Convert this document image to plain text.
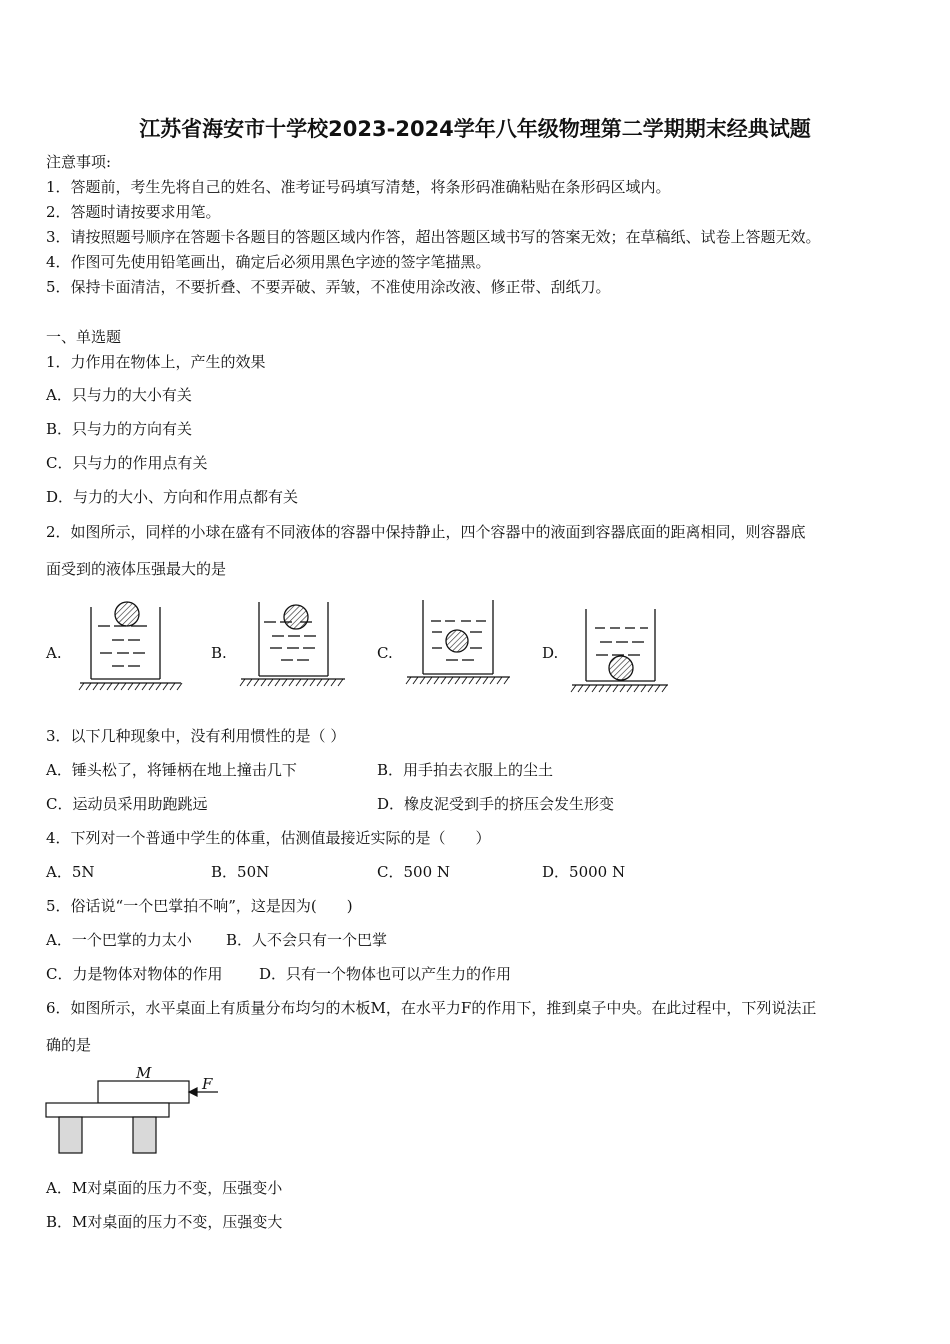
江苏省海安市十学校2023-2024学年八年级物理第二学期期末经典试题
注意事项:
1．答题前，考生先将自己的姓名、准考证号码填写清楚，将条形码准确粘贴在条形码区域内。
2．答题时请按要求用笔。
3．请按照题号顺序在答题卡各题目的答题区域内作答，超出答题区域书写的答案无效；在草稿纸、试卷上答题无效。
4．作图可先使用铅笔画出，确定后必须用黑色字迹的签字笔描黑。
5．保持卡面清洁，不要折叠、不要弄破、弄皱，不准使用涂改液、修正带、刮纸刀。
一、单选题
1．力作用在物体上，产生的效果
A．只与力的大小有关
B．只与力的方向有关
C．只与力的作用点有关
D．与力的大小、方向和作用点都有关
2．如图所示，同样的小球在盛有不同液体的容器中保持静止，四个容器中的液面到容器底面的距离相同，则容器底
面受到的液体压强最大的是
A.	B.	C.	D.
3．以下几种现象中，没有利用惯性的是（ ）
A．锤头松了，将锤柄在地上撞击几下	B．用手拍去衣服上的尘土
C．运动员采用助跑跳远	D．橡皮泥受到手的挤压会发生形变
4．下列对一个普通中学生的体重，估测值最接近实际的是（　　）
A．5N	B．50N	C．500 N	D．5000 N
5．俗话说“一个巴掌拍不响”，这是因为(　　)
A．一个巴掌的力太小 B．人不会只有一个巴掌
C．力是物体对物体的作用 D．只有一个物体也可以产生力的作用
6．如图所示，水平桌面上有质量分布均匀的木板M，在水平力F的作用下，推到桌子中央。在此过程中，下列说法正
确的是
M
F
A．M对桌面的压力不变，压强变小
B．M对桌面的压力不变，压强变大
